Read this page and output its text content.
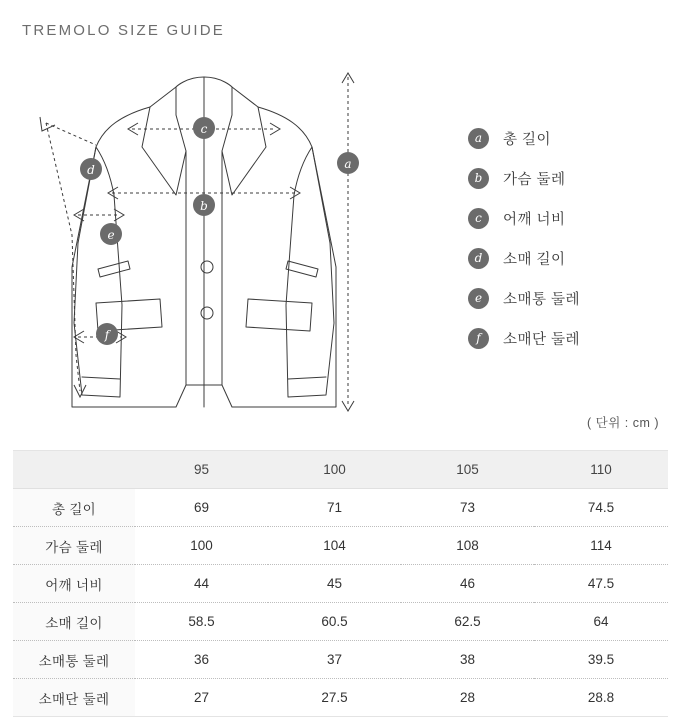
TREMOLO SIZE GUIDE
a
b
c
d
e
f
a	총 길이
b	가슴 둘레
c	어깨 너비
d	소매 길이
e	소매통 둘레
f	소매단 둘레
( 단위 : cm )
	95	100	105	110
총 길이	69	71	73	74.5
가슴 둘레	100	104	108	114
어깨 너비	44	45	46	47.5
소매 길이	58.5	60.5	62.5	64
소매통 둘레	36	37	38	39.5
소매단 둘레	27	27.5	28	28.8
